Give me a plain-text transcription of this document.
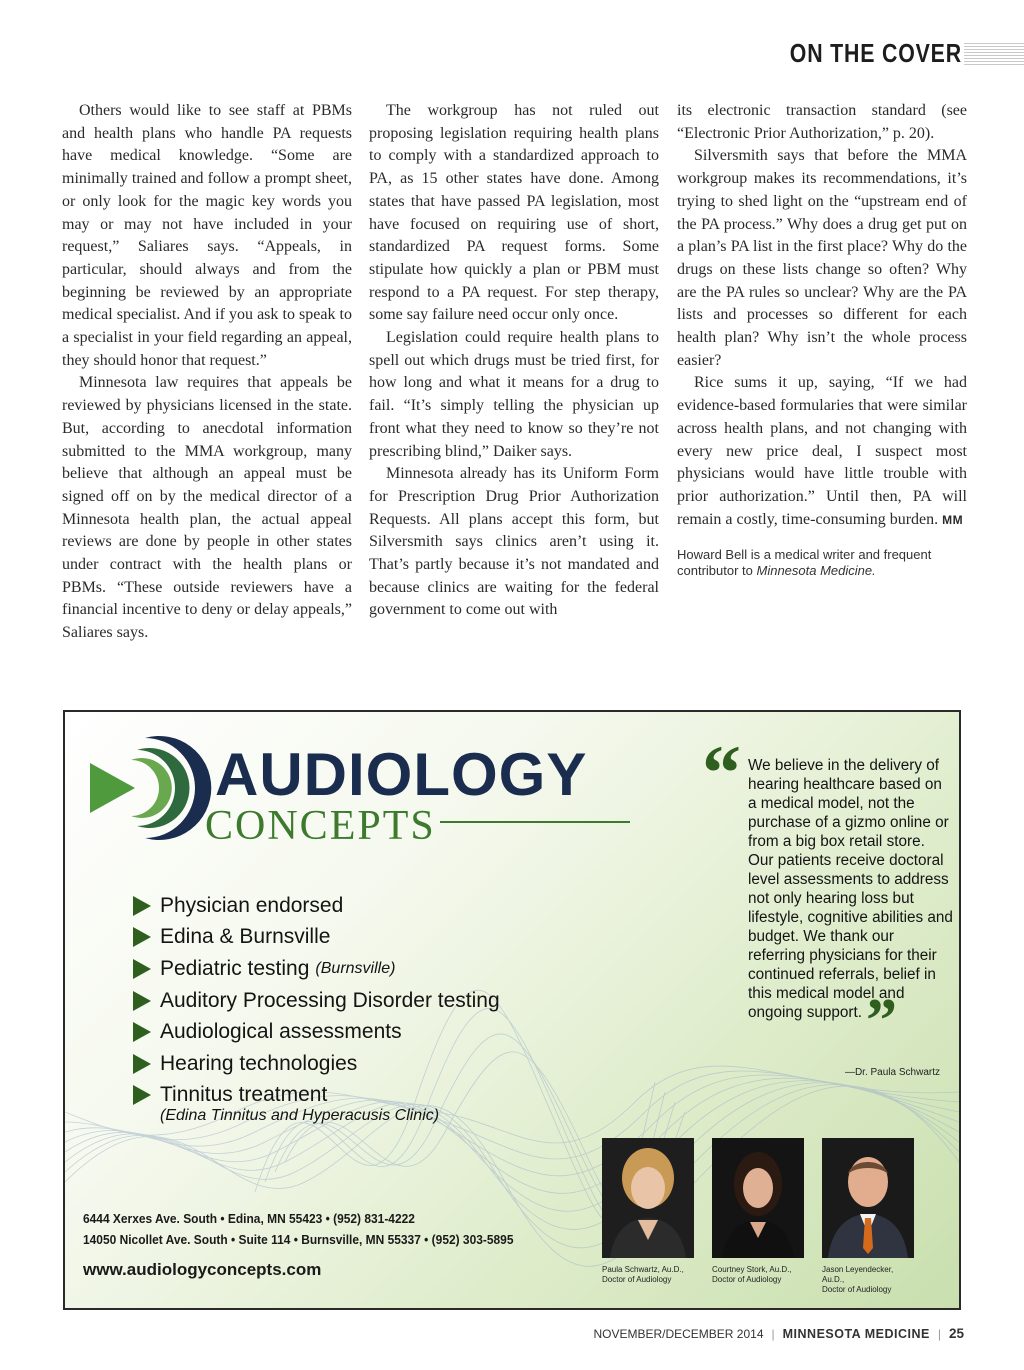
ON THE COVER

Others would like to see staff at PBMs and health plans who handle PA requests have medical knowledge. “Some are minimally trained and follow a prompt sheet, or only look for the magic key words you may or may not have included in your request,” Saliares says. “Appeals, in particular, should always and from the beginning be reviewed by an appropriate medical specialist. And if you ask to speak to a specialist in your field regarding an appeal, they should honor that request.”

Minnesota law requires that appeals be reviewed by physicians licensed in the state. But, according to anecdotal information submitted to the MMA workgroup, many believe that although an appeal must be signed off on by the medical director of a Minnesota health plan, the actual appeal reviews are done by people in other states under contract with the health plans or PBMs. “These outside reviewers have a financial incentive to deny or delay appeals,” Saliares says.

The workgroup has not ruled out proposing legislation requiring health plans to comply with a standardized approach to PA, as 15 other states have done. Among states that have passed PA legislation, most have focused on requiring use of short, standardized PA request forms. Some stipulate how quickly a plan or PBM must respond to a PA request. For step therapy, some say failure need occur only once.

Legislation could require health plans to spell out which drugs must be tried first, for how long and what it means for a drug to fail. “It’s simply telling the physician up front what they need to know so they’re not prescribing blind,” Daiker says.

Minnesota already has its Uniform Form for Prescription Drug Prior Authorization Requests. All plans accept this form, but Silversmith says clinics aren’t using it. That’s partly because it’s not mandated and because clinics are waiting for the federal government to come out with

its electronic transaction standard (see “Electronic Prior Authorization,” p. 20).

Silversmith says that before the MMA workgroup makes its recommendations, it’s trying to shed light on the “upstream end of the PA process.” Why does a drug get put on a plan’s PA list in the first place? Why do the drugs on these lists change so often? Why are the PA rules so unclear? Why are the PA lists and processes so different for each health plan? Why isn’t the whole process easier?

Rice sums it up, saying, “If we had evidence-based formularies that were similar across health plans, and not changing with every new price deal, I suspect most physicians would have little trouble with prior authorization.” Until then, PA will remain a costly, time-consuming burden. MM

Howard Bell is a medical writer and frequent contributor to Minnesota Medicine.
AUDIOLOGY
CONCEPTS
Physician endorsed
Edina & Burnsville
Pediatric testing (Burnsville)
Auditory Processing Disorder testing
Audiological assessments
Hearing technologies
Tinnitus treatment
(Edina Tinnitus and Hyperacusis Clinic)
“ We believe in the delivery of hearing healthcare based on a medical model, not the purchase of a gizmo online or from a big box retail store. Our patients receive doctoral level assessments to address not only hearing loss but lifestyle, cognitive abilities and budget. We thank our referring physicians for their continued referrals, belief in this medical model and ongoing support.”
—Dr. Paula Schwartz
6444 Xerxes Ave. South • Edina, MN 55423 • (952) 831-4222
14050 Nicollet Ave. South • Suite 114 • Burnsville, MN 55337 • (952) 303-5895
www.audiologyconcepts.com	Paula Schwartz, Au.D.,
Doctor of Audiology
Courtney Stork, Au.D.,
Doctor of Audiology
Jason Leyendecker, Au.D.,
Doctor of Audiology
NOVEMBER/DECEMBER 2014 | MINNESOTA MEDICINE | 25
